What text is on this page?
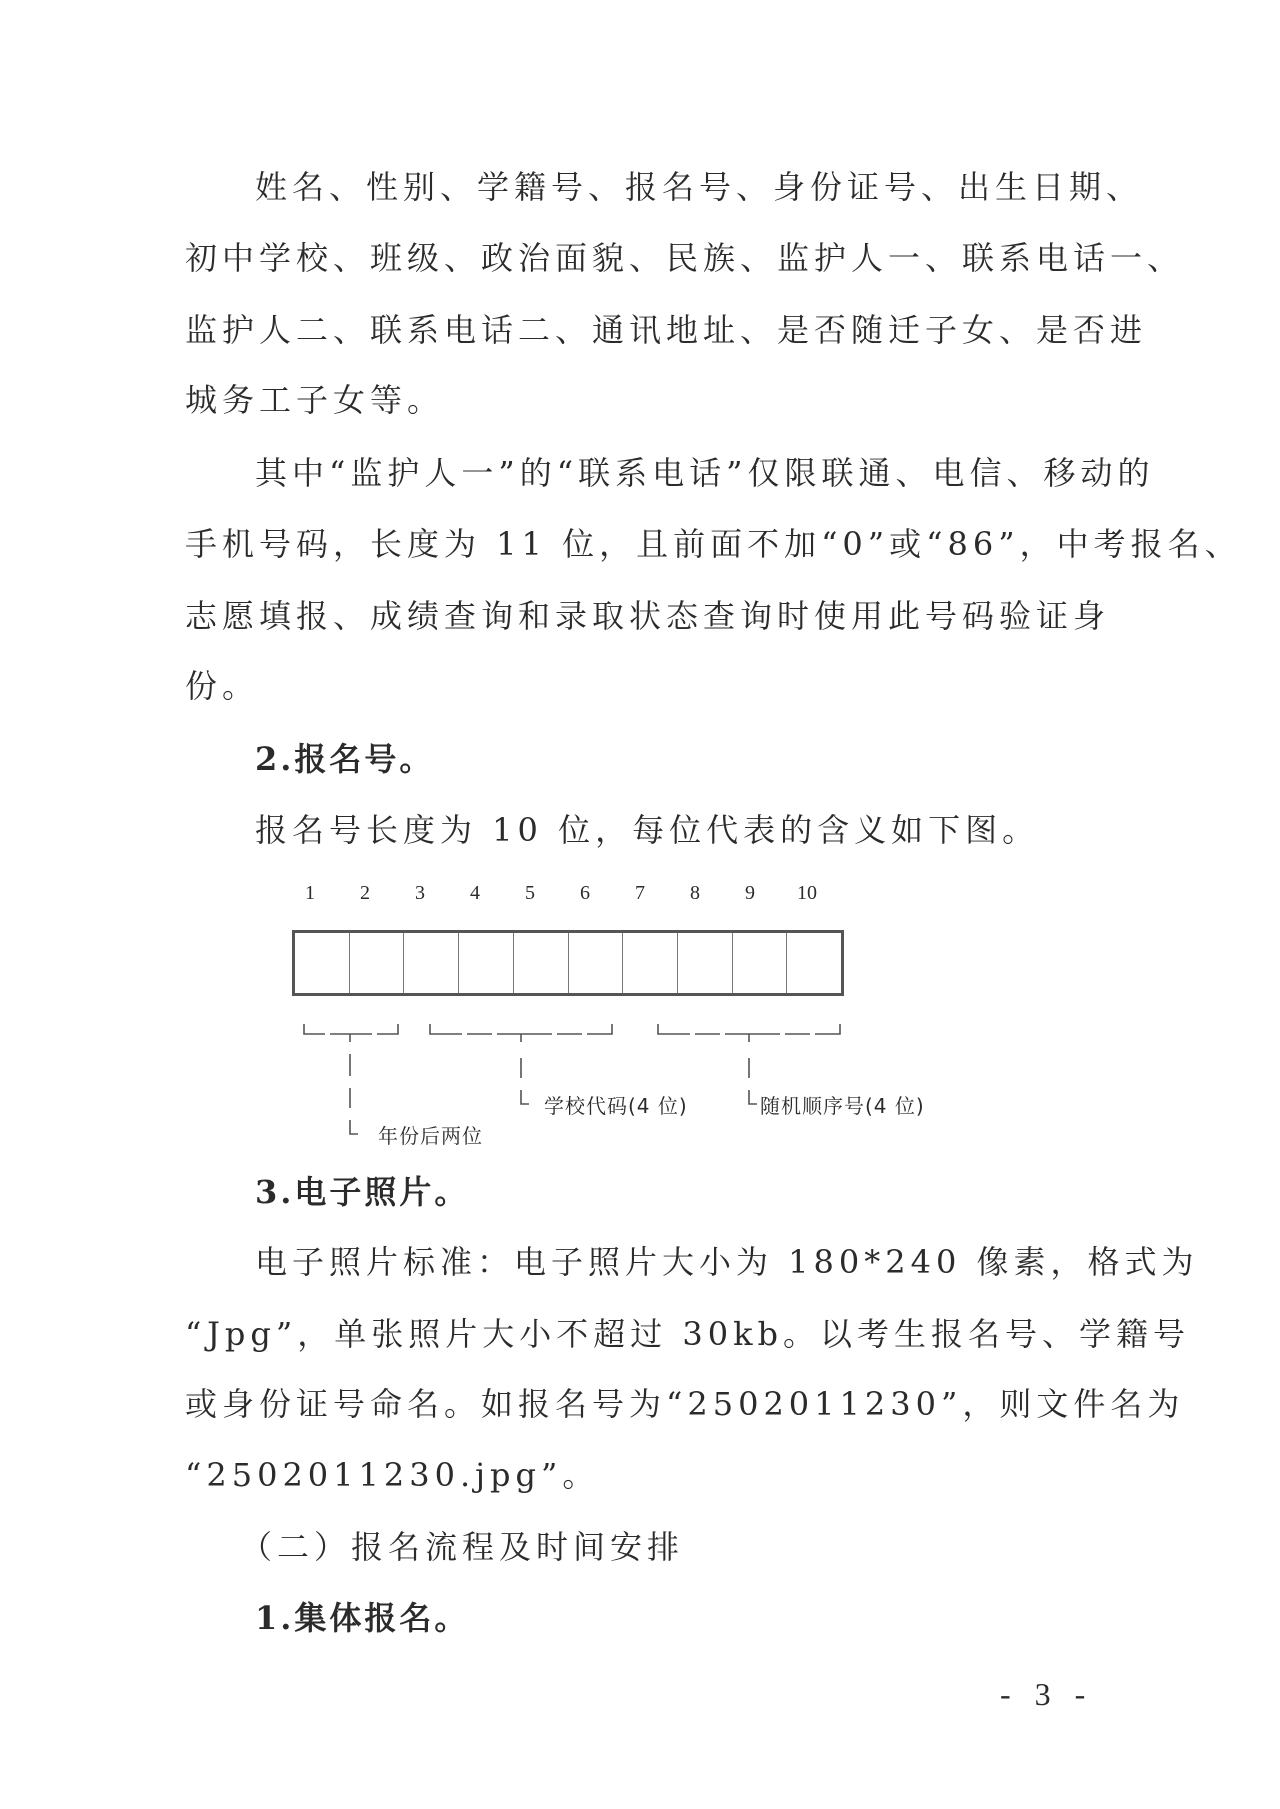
姓名、性别、学籍号、报名号、身份证号、出生日期、
初中学校、班级、政治面貌、民族、监护人一、联系电话一、
监护人二、联系电话二、通讯地址、是否随迁子女、是否进
城务工子女等。
其中“监护人一”的“联系电话”仅限联通、电信、移动的
手机号码，长度为 11 位，且前面不加“0”或“86”，中考报名、
志愿填报、成绩查询和录取状态查询时使用此号码验证身
份。
2.报名号。
报名号长度为 10 位，每位代表的含义如下图。
1	2	3	4	5	6	7	8	9	10
年份后两位
学校代码(4 位)	随机顺序号(4 位)
3.电子照片。
电子照片标准：电子照片大小为 180*240 像素，格式为
“Jpg”，单张照片大小不超过 30kb。以考生报名号、学籍号
或身份证号命名。如报名号为“2502011230”，则文件名为
“2502011230.jpg”。
（二）报名流程及时间安排
1.集体报名。
- 3 -
